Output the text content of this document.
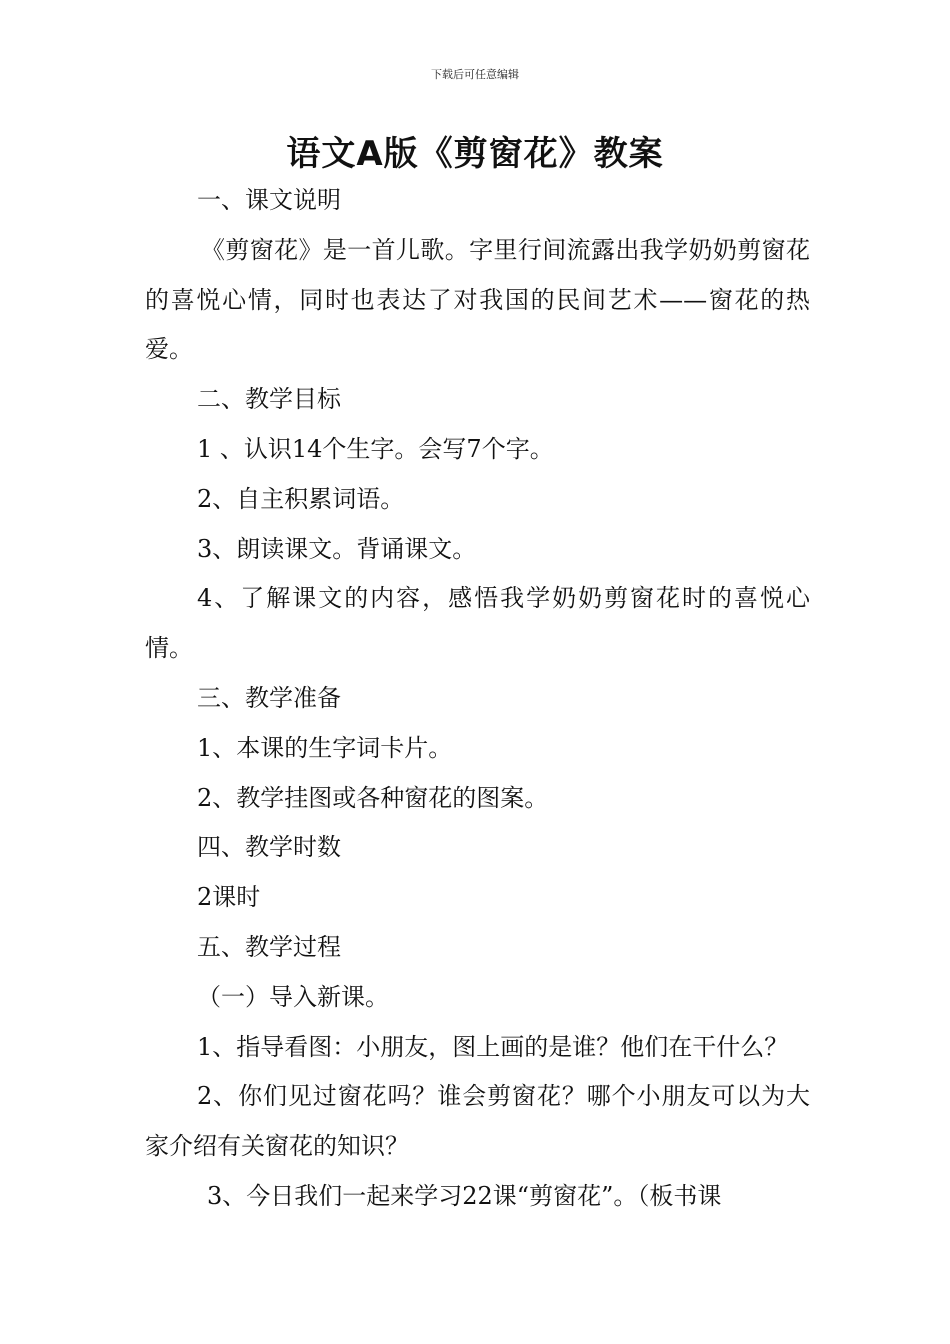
下载后可任意编辑
语文A版《剪窗花》教案

一、课文说明

《剪窗花》是一首儿歌。字里行间流露出我学奶奶剪窗花的喜悦心情，同时也表达了对我国的民间艺术——窗花的热爱。

二、教学目标

1 、认识14个生字。会写7个字。

2、自主积累词语。

3、朗读课文。背诵课文。

4、了解课文的内容，感悟我学奶奶剪窗花时的喜悦心情。

三、教学准备

1、本课的生字词卡片。

2、教学挂图或各种窗花的图案。

四、教学时数

2课时

五、教学过程

（一）导入新课。

1、指导看图：小朋友，图上画的是谁？他们在干什么？

2、你们见过窗花吗？谁会剪窗花？哪个小朋友可以为大家介绍有关窗花的知识？

3、今日我们一起来学习22课“剪窗花”。（板书课
